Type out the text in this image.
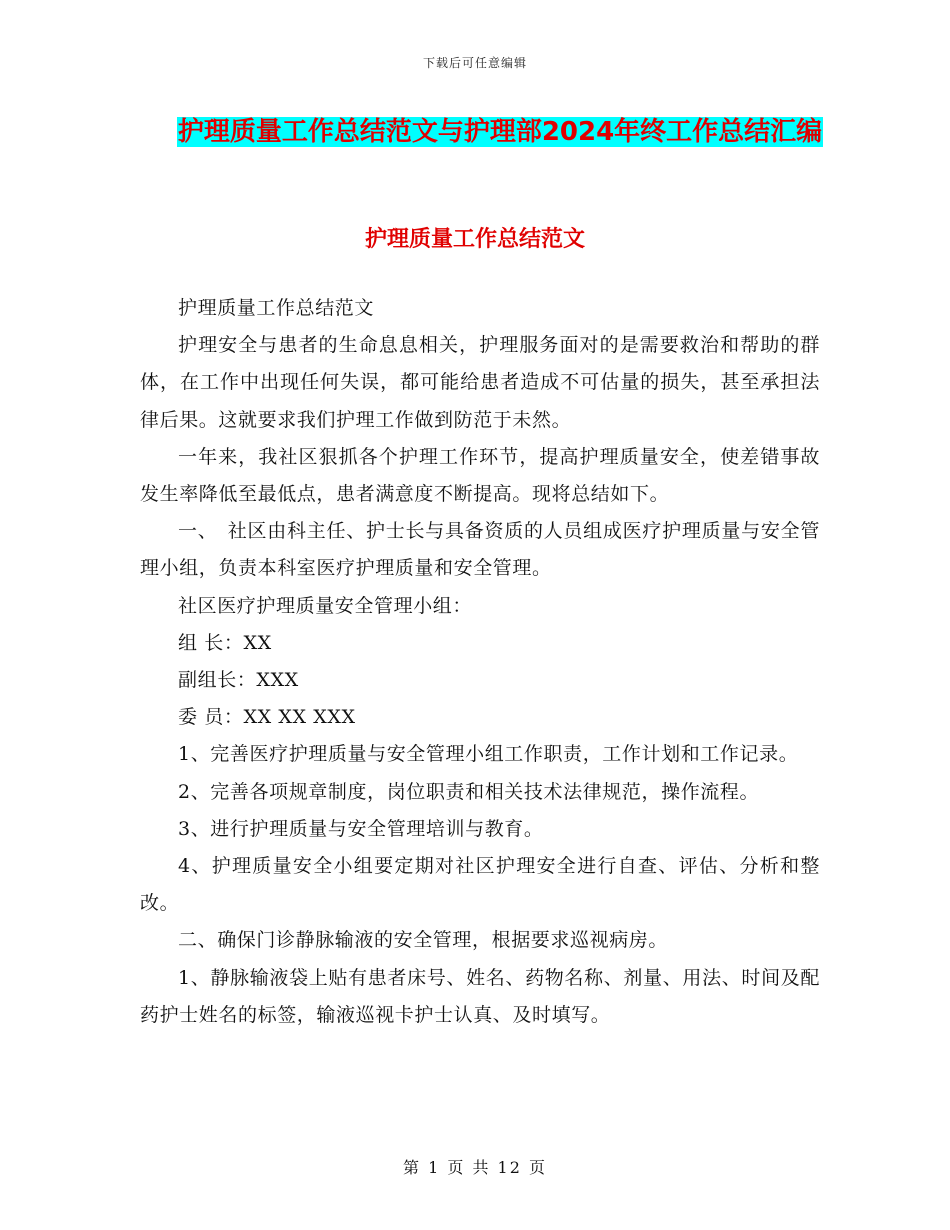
下载后可任意编辑
护理质量工作总结范文与护理部2024年终工作总结汇编
护理质量工作总结范文

护理质量工作总结范文

护理安全与患者的生命息息相关，护理服务面对的是需要救治和帮助的群体，在工作中出现任何失误，都可能给患者造成不可估量的损失，甚至承担法律后果。这就要求我们护理工作做到防范于未然。

一年来，我社区狠抓各个护理工作环节，提高护理质量安全，使差错事故发生率降低至最低点，患者满意度不断提高。现将总结如下。

一、　社区由科主任、护士长与具备资质的人员组成医疗护理质量与安全管理小组，负责本科室医疗护理质量和安全管理。

社区医疗护理质量安全管理小组：

组 长：XX

副组长：XXX

委 员：XX XX XXX

1、完善医疗护理质量与安全管理小组工作职责，工作计划和工作记录。

2、完善各项规章制度，岗位职责和相关技术法律规范，操作流程。

3、进行护理质量与安全管理培训与教育。

4、护理质量安全小组要定期对社区护理安全进行自查、评估、分析和整改。

二、确保门诊静脉输液的安全管理，根据要求巡视病房。

1、静脉输液袋上贴有患者床号、姓名、药物名称、剂量、用法、时间及配药护士姓名的标签，输液巡视卡护士认真、及时填写。

第 1 页 共 12 页
